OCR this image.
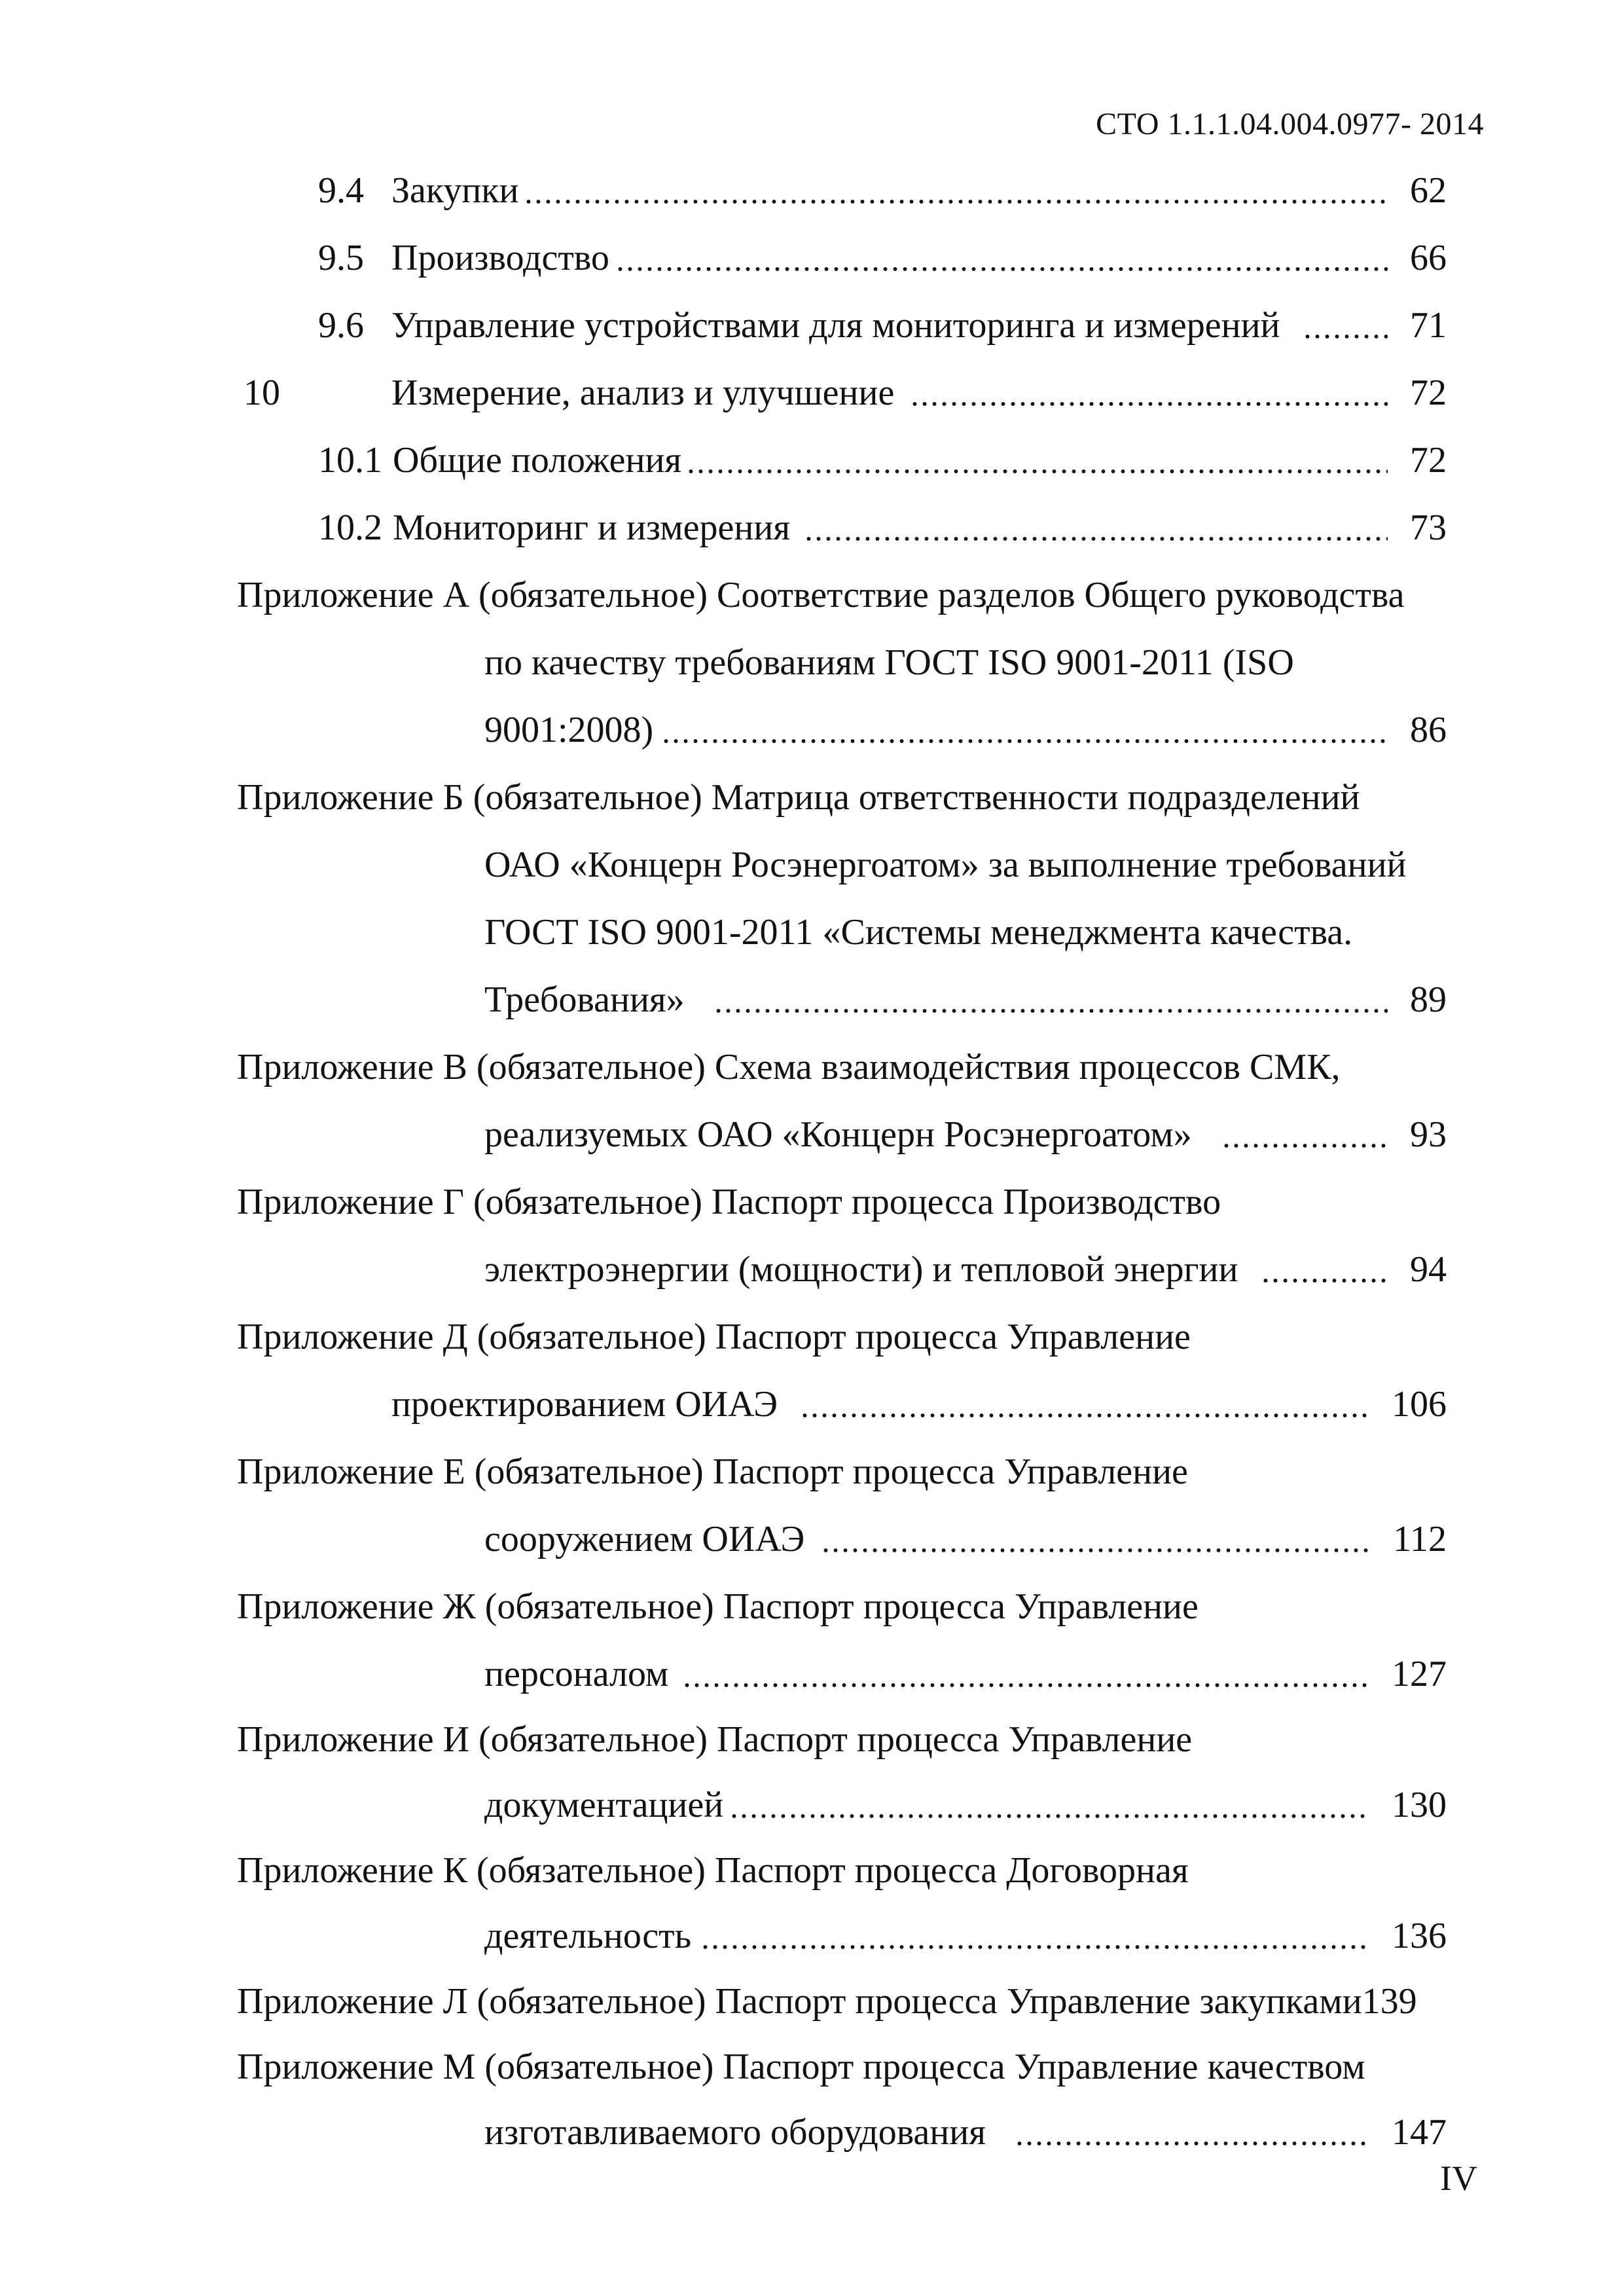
СТО 1.1.1.04.004.0977- 2014
9.4 Закупки	62
9.5 Производство	66
9.6 Управление устройствами для мониторинга и измерений	71
10	Измерение, анализ и улучшение	72
10.1 Общие положения	72
10.2 Мониторинг и измерения	73
Приложение А (обязательное) Соответствие разделов Общего руководства
по качеству требованиям ГОСТ ISO 9001-2011 (ISO
9001:2008)	86
Приложение Б (обязательное) Матрица ответственности подразделений
ОАО «Концерн Росэнергоатом» за выполнение требований
ГОСТ ISO 9001-2011 «Системы менеджмента качества.
Требования»	89
Приложение В (обязательное) Схема взаимодействия процессов СМК,
реализуемых ОАО «Концерн Росэнергоатом»	93
Приложение Г (обязательное) Паспорт процесса Производство
электроэнергии (мощности) и тепловой энергии	94
Приложение Д (обязательное) Паспорт процесса Управление
проектированием ОИАЭ	106
Приложение Е (обязательное) Паспорт процесса Управление
сооружением ОИАЭ	112
Приложение Ж (обязательное) Паспорт процесса Управление
персоналом	127
Приложение И (обязательное) Паспорт процесса Управление
документацией	130
Приложение К (обязательное) Паспорт процесса Договорная
деятельность	136
Приложение Л (обязательное) Паспорт процесса Управление закупками139
Приложение М (обязательное) Паспорт процесса Управление качеством
изготавливаемого оборудования	147
IV
